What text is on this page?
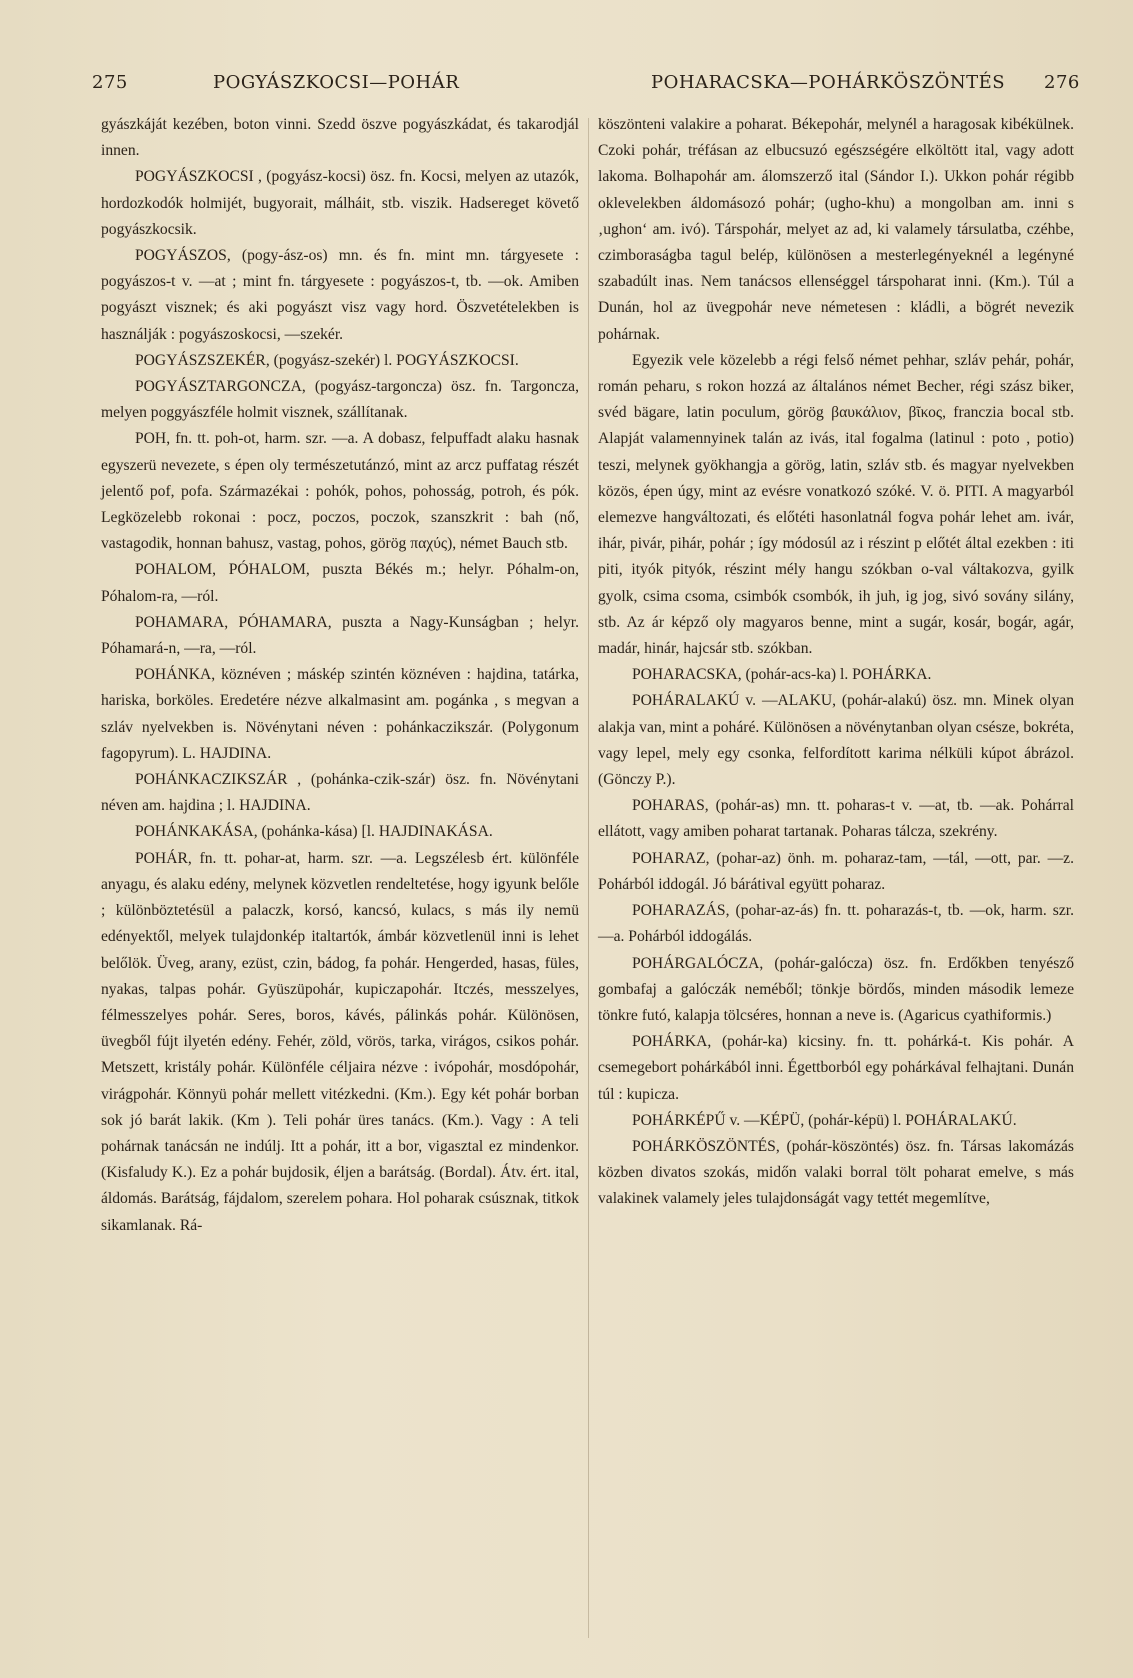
275	POGYÁSZKOCSI—POHÁR	POHARACSKA—POHÁRKÖSZÖNTÉS 276

gyászkáját kezében, boton vinni. Szedd öszve pogyászkádat, és takarodjál innen.

POGYÁSZKOCSI , (pogyász-kocsi) ösz. fn. Kocsi, melyen az utazók, hordozkodók holmijét, bugyorait, málháit, stb. viszik. Hadsereget követő pogyászkocsik.

POGYÁSZOS, (pogy-ász-os) mn. és fn. mint mn. tárgyesete : pogyászos-t v. —at ; mint fn. tárgyesete : pogyászos-t, tb. —ok. Amiben pogyászt visznek; és aki pogyászt visz vagy hord. Öszvetételekben is használják : pogyászoskocsi, —szekér.

POGYÁSZSZEKÉR, (pogyász-szekér) l. POGYÁSZKOCSI.

POGYÁSZTARGONCZA, (pogyász-targoncza) ösz. fn. Targoncza, melyen poggyászféle holmit visznek, szállítanak.

POH, fn. tt. poh-ot, harm. szr. —a. A dobasz, felpuffadt alaku hasnak egyszerü nevezete, s épen oly természetutánzó, mint az arcz puffatag részét jelentő pof, pofa. Származékai : pohók, pohos, pohosság, potroh, és pók. Legközelebb rokonai : pocz, poczos, poczok, szanszkrit : bah (nő, vastagodik, honnan bahusz, vastag, pohos, görög παχύς), német Bauch stb.

POHALOM, PÓHALOM, puszta Békés m.; helyr. Póhalm-on, Póhalom-ra, —ról.

POHAMARA, PÓHAMARA, puszta a Nagy-Kunságban ; helyr. Póhamará-n, —ra, —ról.

POHÁNKA, köznéven ; máskép szintén köznéven : hajdina, tatárka, hariska, borköles. Eredetére nézve alkalmasint am. pogánka , s megvan a szláv nyelvekben is. Növénytani néven : pohánkaczikszár. (Polygonum fagopyrum). L. HAJDINA.

POHÁNKACZIKSZÁR , (pohánka-czik-szár) ösz. fn. Növénytani néven am. hajdina ; l. HAJDINA.

POHÁNKAKÁSA, (pohánka-kása) [l. HAJDINAKÁSA.

POHÁR, fn. tt. pohar-at, harm. szr. —a. Legszélesb ért. különféle anyagu, és alaku edény, melynek közvetlen rendeltetése, hogy igyunk belőle ; különböztetésül a palaczk, korsó, kancsó, kulacs, s más ily nemü edényektől, melyek tulajdonkép italtartók, ámbár közvetlenül inni is lehet belőlök. Üveg, arany, ezüst, czin, bádog, fa pohár. Hengerded, hasas, füles, nyakas, talpas pohár. Gyüszüpohár, kupiczapohár. Itczés, messzelyes, félmesszelyes pohár. Seres, boros, kávés, pálinkás pohár. Különösen, üvegből fújt ilyetén edény. Fehér, zöld, vörös, tarka, virágos, csikos pohár. Metszett, kristály pohár. Különféle céljaira nézve : ivópohár, mosdópohár, virágpohár. Könnyü pohár mellett vitézkedni. (Km.). Egy két pohár borban sok jó barát lakik. (Km ). Teli pohár üres tanács. (Km.). Vagy : A teli pohárnak tanácsán ne indúlj. Itt a pohár, itt a bor, vigasztal ez mindenkor. (Kisfaludy K.). Ez a pohár bujdosik, éljen a barátság. (Bordal). Átv. ért. ital, áldomás. Barátság, fájdalom, szerelem pohara. Hol poharak csúsznak, titkok sikamlanak. Rá-

köszönteni valakire a poharat. Békepohár, melynél a haragosak kibékülnek. Czoki pohár, tréfásan az elbucsuzó egészségére elköltött ital, vagy adott lakoma. Bolhapohár am. álomszerző ital (Sándor I.). Ukkon pohár régibb oklevelekben áldomásozó pohár; (ugho-khu) a mongolban am. inni s ‚ughon‘ am. ivó). Társpohár, melyet az ad, ki valamely társulatba, czéhbe, czimboraságba tagul belép, különösen a mesterlegényeknél a legényné szabadúlt inas. Nem tanácsos ellenséggel társpoharat inni. (Km.). Túl a Dunán, hol az üvegpohár neve németesen : kládli, a bögrét nevezik pohárnak.

Egyezik vele közelebb a régi felső német pehhar, szláv pehár, pohár, román peharu, s rokon hozzá az általános német Becher, régi szász biker, svéd bägare, latin poculum, görög βαυκάλιον, βῖκος, franczia bocal stb. Alapját valamennyinek talán az ivás, ital fogalma (latinul : poto , potio) teszi, melynek gyökhangja a görög, latin, szláv stb. és magyar nyelvekben közös, épen úgy, mint az evésre vonatkozó szóké. V. ö. PITI. A magyarból elemezve hangváltozati, és előtéti hasonlatnál fogva pohár lehet am. ivár, ihár, pivár, pihár, pohár ; így módosúl az i részint p előtét által ezekben : iti piti, ityók pityók, részint mély hangu szókban o-val váltakozva, gyilk gyolk, csima csoma, csimbók csombók, ih juh, ig jog, sivó sovány silány, stb. Az ár képző oly magyaros benne, mint a sugár, kosár, bogár, agár, madár, hinár, hajcsár stb. szókban.

POHARACSKA, (pohár-acs-ka) l. POHÁRKA.

POHÁRALAKÚ v. —ALAKU, (pohár-alakú) ösz. mn. Minek olyan alakja van, mint a poháré. Különösen a növénytanban olyan csésze, bokréta, vagy lepel, mely egy csonka, felfordított karima nélküli kúpot ábrázol. (Gönczy P.).

POHARAS, (pohár-as) mn. tt. poharas-t v. —at, tb. —ak. Pohárral ellátott, vagy amiben poharat tartanak. Poharas tálcza, szekrény.

POHARAZ, (pohar-az) önh. m. poharaz-tam, —tál, —ott, par. —z. Pohárból iddogál. Jó bárátival együtt poharaz.

POHARAZÁS, (pohar-az-ás) fn. tt. poharazás-t, tb. —ok, harm. szr. —a. Pohárból iddogálás.

POHÁRGALÓCZA, (pohár-galócza) ösz. fn. Erdőkben tenyésző gombafaj a galóczák neméből; tönkje bördős, minden második lemeze tönkre futó, kalapja tölcséres, honnan a neve is. (Agaricus cyathiformis.)

POHÁRKA, (pohár-ka) kicsiny. fn. tt. pohárká-t. Kis pohár. A csemegebort pohárkából inni. Égettborból egy pohárkával felhajtani. Dunán túl : kupicza.

POHÁRKÉPŰ v. —KÉPÜ, (pohár-képü) l. POHÁRALAKÚ.

POHÁRKÖSZÖNTÉS, (pohár-köszöntés) ösz. fn. Társas lakomázás közben divatos szokás, midőn valaki borral tölt poharat emelve, s más valakinek valamely jeles tulajdonságát vagy tettét megemlítve,
